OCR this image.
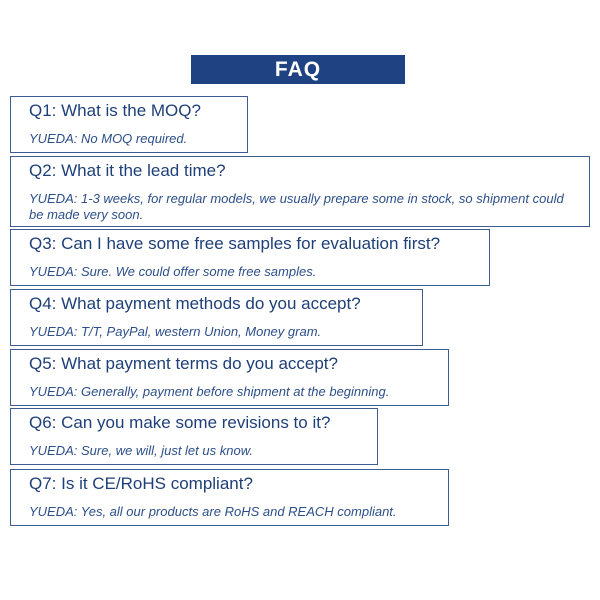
FAQ
Q1: What is the MOQ?
YUEDA: No MOQ required.
Q2: What it the lead time?
YUEDA: 1-3 weeks, for regular models, we usually prepare some in stock, so shipment could be made very soon.
Q3: Can I have some free samples for evaluation first?
YUEDA: Sure. We could offer some free samples.
Q4: What payment methods do you accept?
YUEDA: T/T, PayPal, western Union, Money gram.
Q5: What payment terms do you accept?
YUEDA: Generally, payment before shipment at the beginning.
Q6: Can you make some revisions to it?
YUEDA: Sure, we will, just let us know.
Q7: Is it CE/RoHS compliant?
YUEDA: Yes, all our products are RoHS and REACH compliant.
